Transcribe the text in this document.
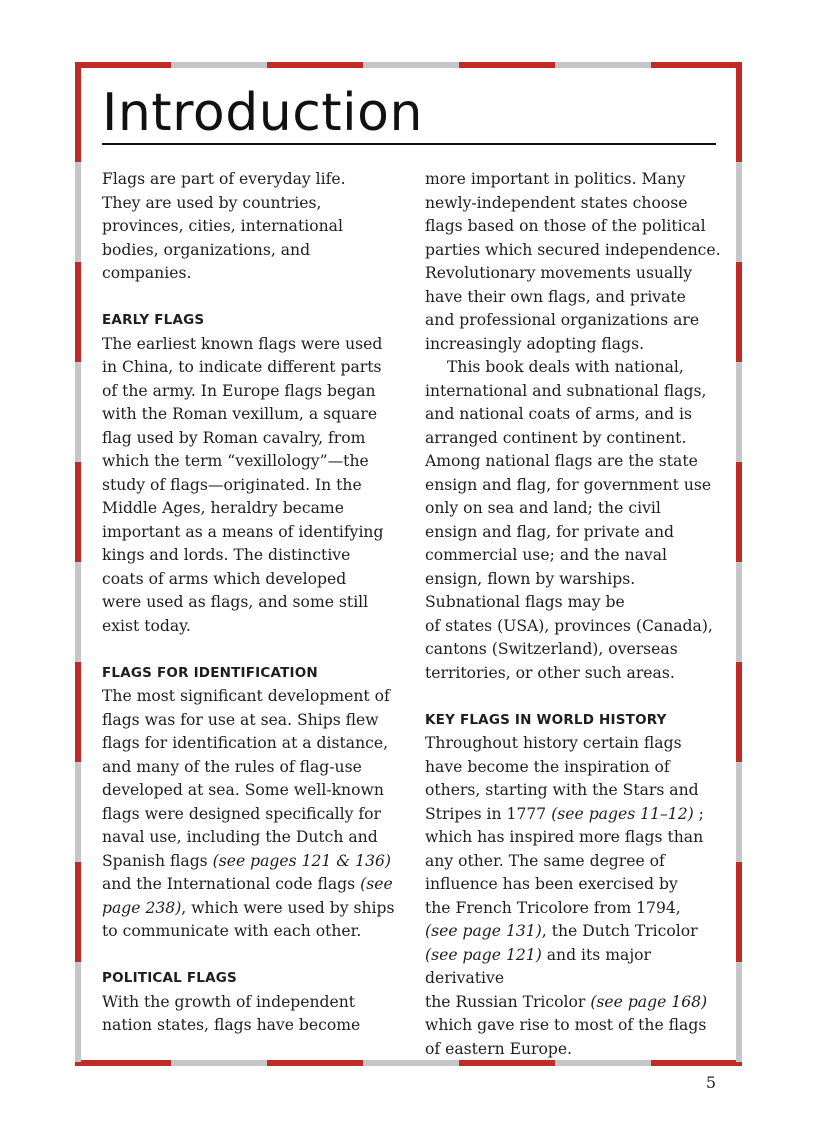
Introduction

Flags are part of everyday life.
They are used by countries,
provinces, cities, international
bodies, organizations, and
companies.

EARLY FLAGS

The earliest known flags were used
in China, to indicate different parts
of the army. In Europe flags began
with the Roman vexillum, a square
flag used by Roman cavalry, from
which the term “vexillology”—the
study of flags—originated. In the
Middle Ages, heraldry became
important as a means of identifying
kings and lords. The distinctive
coats of arms which developed
were used as flags, and some still
exist today.

FLAGS FOR IDENTIFICATION

The most significant development of
flags was for use at sea. Ships flew
flags for identification at a distance,
and many of the rules of flag-use
developed at sea. Some well-known
flags were designed specifically for
naval use, including the Dutch and
Spanish flags (see pages 121 & 136)
and the International code flags (see
page 238), which were used by ships
to communicate with each other.

POLITICAL FLAGS

With the growth of independent
nation states, flags have become

more important in politics. Many
newly-independent states choose
flags based on those of the political
parties which secured independence.
Revolutionary movements usually
have their own flags, and private
and professional organizations are
increasingly adopting flags.

This book deals with national,
international and subnational flags,
and national coats of arms, and is
arranged continent by continent.
Among national flags are the state
ensign and flag, for government use
only on sea and land; the civil
ensign and flag, for private and
commercial use; and the naval
ensign, flown by warships.
Subnational flags may be
of states (USA), provinces (Canada),
cantons (Switzerland), overseas
territories, or other such areas.

KEY FLAGS IN WORLD HISTORY

Throughout history certain flags
have become the inspiration of
others, starting with the Stars and
Stripes in 1777 (see pages 11–12) ;
which has inspired more flags than
any other. The same degree of
influence has been exercised by
the French Tricolore from 1794,
(see page 131), the Dutch Tricolor
(see page 121) and its major derivative
the Russian Tricolor (see page 168)
which gave rise to most of the flags
of eastern Europe.

5
